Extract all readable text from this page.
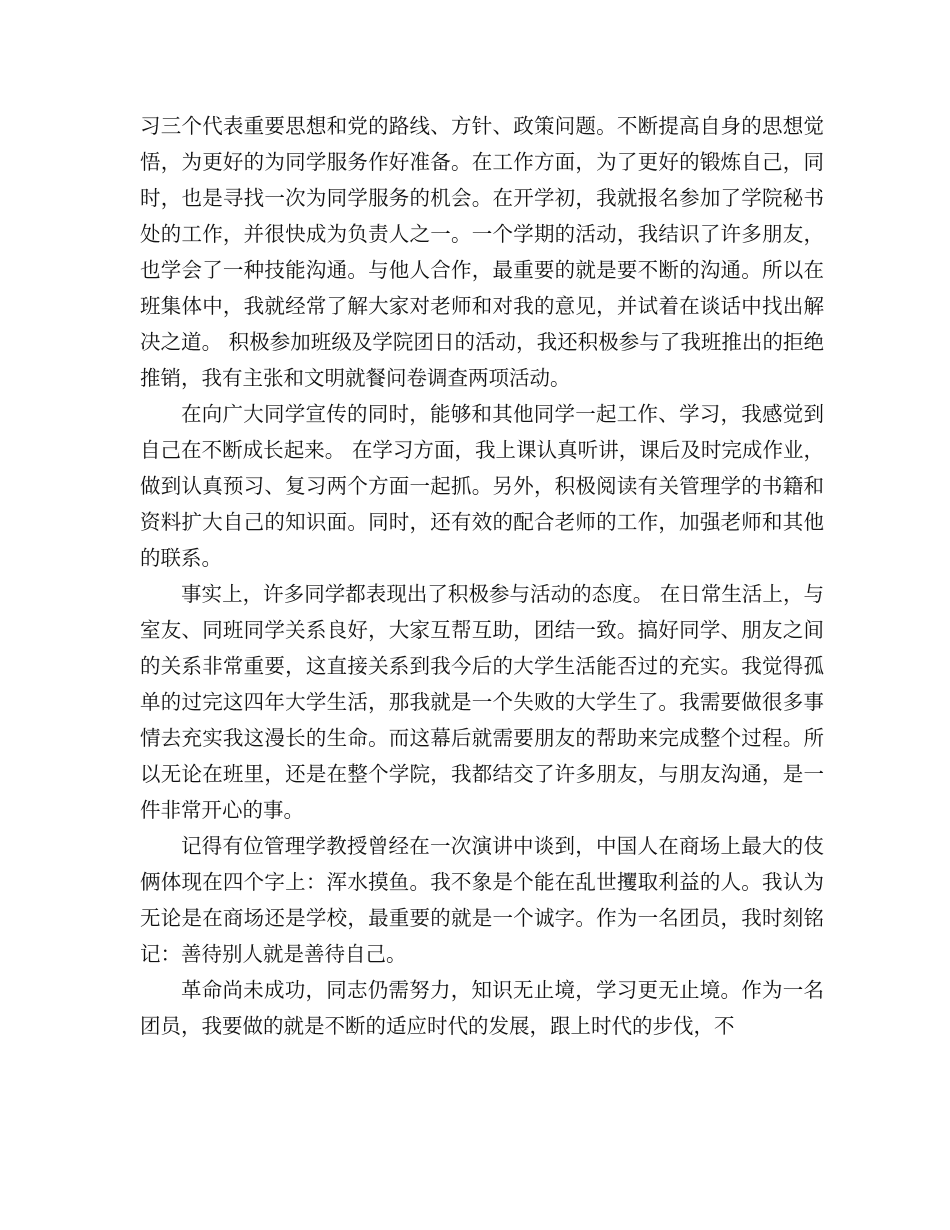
习三个代表重要思想和党的路线、方针、政策问题。不断提高自身的思想觉悟，为更好的为同学服务作好准备。在工作方面，为了更好的锻炼自己，同时，也是寻找一次为同学服务的机会。在开学初，我就报名参加了学院秘书处的工作，并很快成为负责人之一。一个学期的活动，我结识了许多朋友，也学会了一种技能沟通。与他人合作，最重要的就是要不断的沟通。所以在班集体中，我就经常了解大家对老师和对我的意见，并试着在谈话中找出解决之道。 积极参加班级及学院团日的活动，我还积极参与了我班推出的拒绝推销，我有主张和文明就餐问卷调查两项活动。

在向广大同学宣传的同时，能够和其他同学一起工作、学习，我感觉到自己在不断成长起来。 在学习方面，我上课认真听讲，课后及时完成作业，做到认真预习、复习两个方面一起抓。另外，积极阅读有关管理学的书籍和资料扩大自己的知识面。同时，还有效的配合老师的工作，加强老师和其他的联系。

事实上，许多同学都表现出了积极参与活动的态度。 在日常生活上，与室友、同班同学关系良好，大家互帮互助，团结一致。搞好同学、朋友之间的关系非常重要，这直接关系到我今后的大学生活能否过的充实。我觉得孤单的过完这四年大学生活，那我就是一个失败的大学生了。我需要做很多事情去充实我这漫长的生命。而这幕后就需要朋友的帮助来完成整个过程。所以无论在班里，还是在整个学院，我都结交了许多朋友，与朋友沟通，是一件非常开心的事。

记得有位管理学教授曾经在一次演讲中谈到，中国人在商场上最大的伎俩体现在四个字上：浑水摸鱼。我不象是个能在乱世攫取利益的人。我认为无论是在商场还是学校，最重要的就是一个诚字。作为一名团员，我时刻铭记：善待别人就是善待自己。

革命尚未成功，同志仍需努力，知识无止境，学习更无止境。作为一名团员，我要做的就是不断的适应时代的发展，跟上时代的步伐，不
